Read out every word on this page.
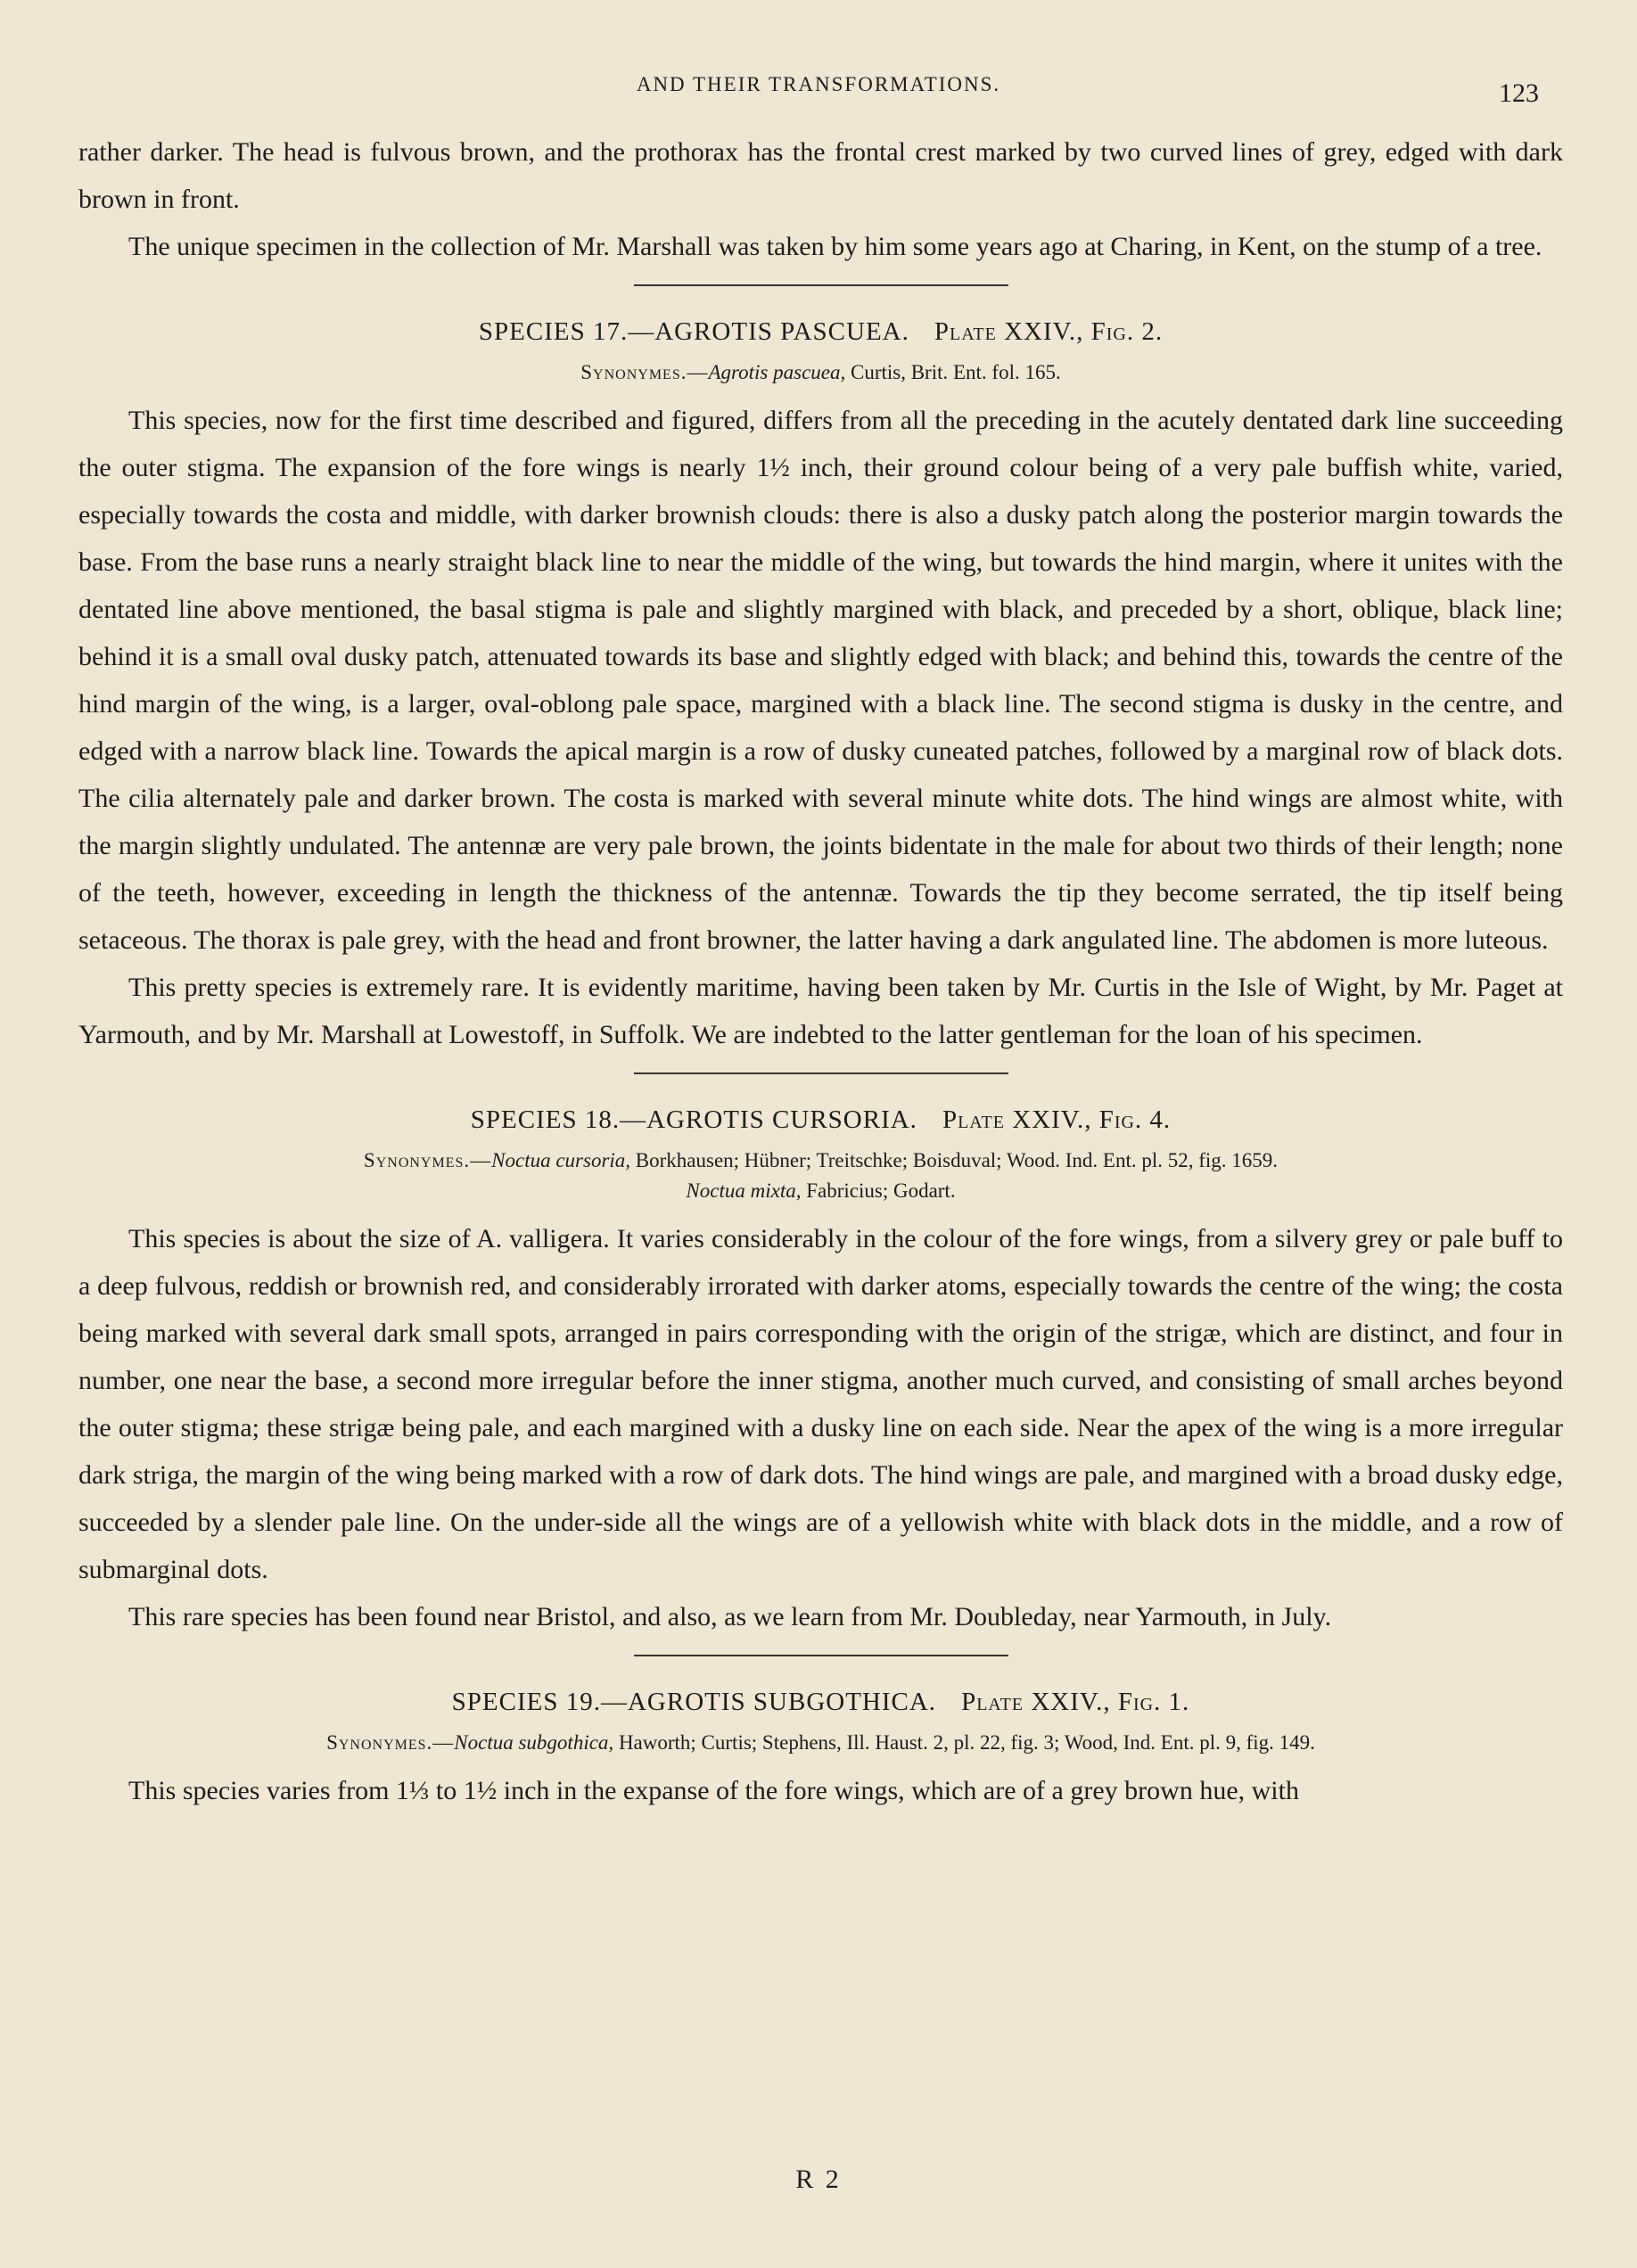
AND THEIR TRANSFORMATIONS.	123

rather darker. The head is fulvous brown, and the prothorax has the frontal crest marked by two curved lines of grey, edged with dark brown in front.

The unique specimen in the collection of Mr. Marshall was taken by him some years ago at Charing, in Kent, on the stump of a tree.

SPECIES 17.—AGROTIS PASCUEA. Plate XXIV., Fig. 2.
Synonymes.—Agrotis pascuea, Curtis, Brit. Ent. fol. 165.

This species, now for the first time described and figured, differs from all the preceding in the acutely dentated dark line succeeding the outer stigma. The expansion of the fore wings is nearly 1½ inch, their ground colour being of a very pale buffish white, varied, especially towards the costa and middle, with darker brownish clouds: there is also a dusky patch along the posterior margin towards the base. From the base runs a nearly straight black line to near the middle of the wing, but towards the hind margin, where it unites with the dentated line above mentioned, the basal stigma is pale and slightly margined with black, and preceded by a short, oblique, black line; behind it is a small oval dusky patch, attenuated towards its base and slightly edged with black; and behind this, towards the centre of the hind margin of the wing, is a larger, oval-oblong pale space, margined with a black line. The second stigma is dusky in the centre, and edged with a narrow black line. Towards the apical margin is a row of dusky cuneated patches, followed by a marginal row of black dots. The cilia alternately pale and darker brown. The costa is marked with several minute white dots. The hind wings are almost white, with the margin slightly undulated. The antennæ are very pale brown, the joints bidentate in the male for about two thirds of their length; none of the teeth, however, exceeding in length the thickness of the antennæ. Towards the tip they become serrated, the tip itself being setaceous. The thorax is pale grey, with the head and front browner, the latter having a dark angulated line. The abdomen is more luteous.

This pretty species is extremely rare. It is evidently maritime, having been taken by Mr. Curtis in the Isle of Wight, by Mr. Paget at Yarmouth, and by Mr. Marshall at Lowestoff, in Suffolk. We are indebted to the latter gentleman for the loan of his specimen.

SPECIES 18.—AGROTIS CURSORIA. Plate XXIV., Fig. 4.
Synonymes.—Noctua cursoria, Borkhausen; Hübner; Treitschke; Boisduval; Wood. Ind. Ent. pl. 52, fig. 1659.
Noctua mixta, Fabricius; Godart.

This species is about the size of A. valligera. It varies considerably in the colour of the fore wings, from a silvery grey or pale buff to a deep fulvous, reddish or brownish red, and considerably irrorated with darker atoms, especially towards the centre of the wing; the costa being marked with several dark small spots, arranged in pairs corresponding with the origin of the strigæ, which are distinct, and four in number, one near the base, a second more irregular before the inner stigma, another much curved, and consisting of small arches beyond the outer stigma; these strigæ being pale, and each margined with a dusky line on each side. Near the apex of the wing is a more irregular dark striga, the margin of the wing being marked with a row of dark dots. The hind wings are pale, and margined with a broad dusky edge, succeeded by a slender pale line. On the under-side all the wings are of a yellowish white with black dots in the middle, and a row of submarginal dots.

This rare species has been found near Bristol, and also, as we learn from Mr. Doubleday, near Yarmouth, in July.

SPECIES 19.—AGROTIS SUBGOTHICA. Plate XXIV., Fig. 1.
Synonymes.—Noctua subgothica, Haworth; Curtis; Stephens, Ill. Haust. 2, pl. 22, fig. 3; Wood, Ind. Ent. pl. 9, fig. 149.

This species varies from 1⅓ to 1½ inch in the expanse of the fore wings, which are of a grey brown hue, with

R 2
